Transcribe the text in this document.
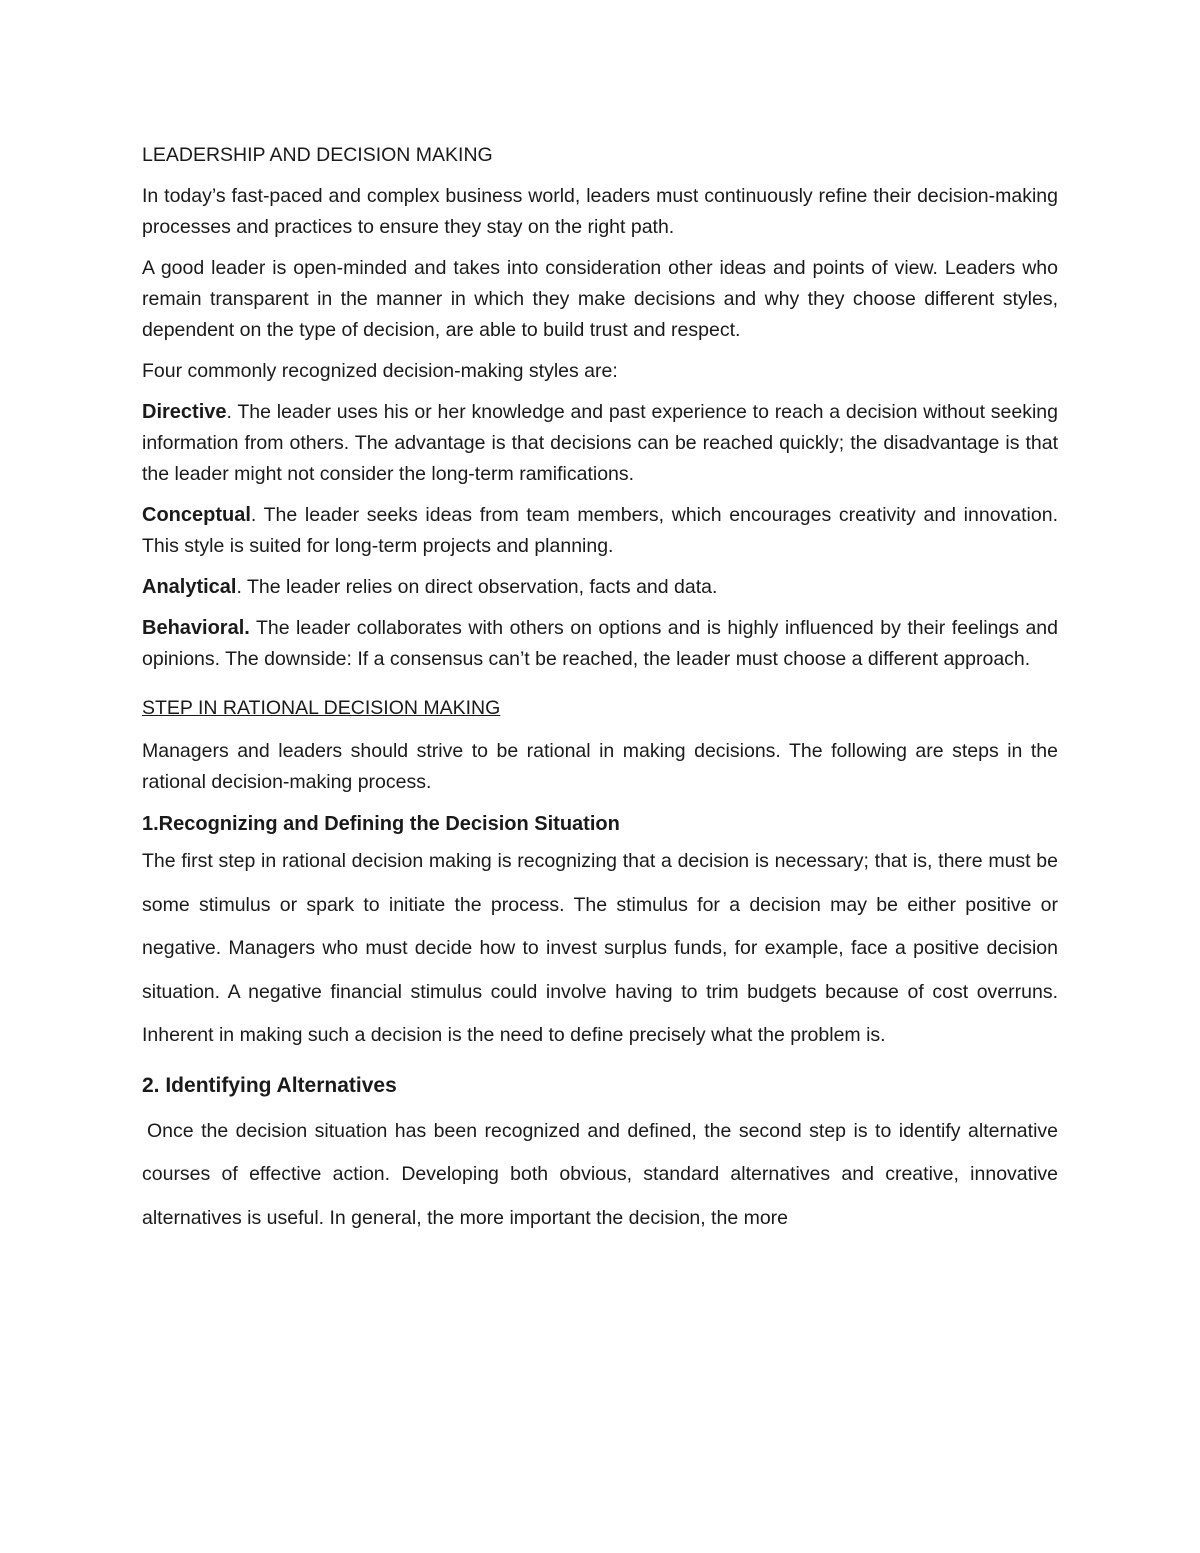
LEADERSHIP AND DECISION MAKING

In today’s fast-paced and complex business world, leaders must continuously refine their decision-making processes and practices to ensure they stay on the right path.

A good leader is open-minded and takes into consideration other ideas and points of view. Leaders who remain transparent in the manner in which they make decisions and why they choose different styles, dependent on the type of decision, are able to build trust and respect.

Four commonly recognized decision-making styles are:

Directive. The leader uses his or her knowledge and past experience to reach a decision without seeking information from others. The advantage is that decisions can be reached quickly; the disadvantage is that the leader might not consider the long-term ramifications.

Conceptual. The leader seeks ideas from team members, which encourages creativity and innovation. This style is suited for long-term projects and planning.

Analytical. The leader relies on direct observation, facts and data.

Behavioral. The leader collaborates with others on options and is highly influenced by their feelings and opinions. The downside: If a consensus can’t be reached, the leader must choose a different approach.

STEP IN RATIONAL DECISION MAKING

Managers and leaders should strive to be rational in making decisions. The following are steps in the rational decision-making process.

1.Recognizing and Defining the Decision Situation

The first step in rational decision making is recognizing that a decision is necessary; that is, there must be some stimulus or spark to initiate the process. The stimulus for a decision may be either positive or negative. Managers who must decide how to invest surplus funds, for example, face a positive decision situation. A negative financial stimulus could involve having to trim budgets because of cost overruns. Inherent in making such a decision is the need to define precisely what the problem is.

2. Identifying Alternatives

Once the decision situation has been recognized and defined, the second step is to identify alternative courses of effective action. Developing both obvious, standard alternatives and creative, innovative alternatives is useful. In general, the more important the decision, the more
